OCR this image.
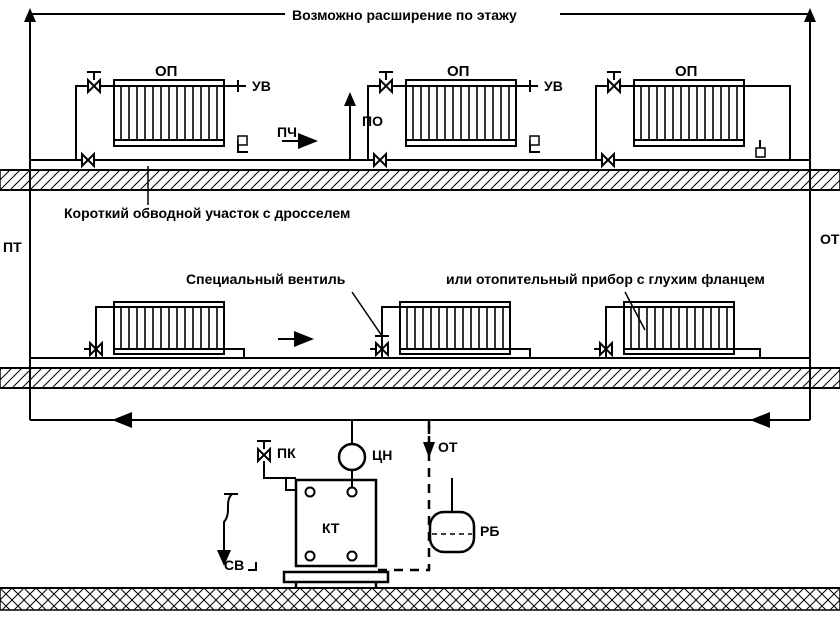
Возможно расширение по этажу
ОП	ОП	ОП
УВ	УВ
ПЧ
ПО
Короткий обводной участок с дросселем
ПТ	ОТ
Специальный вентиль	или отопительный прибор с глухим фланцем
ПК	ЦН	ОТ
КТ	РБ
СВ
